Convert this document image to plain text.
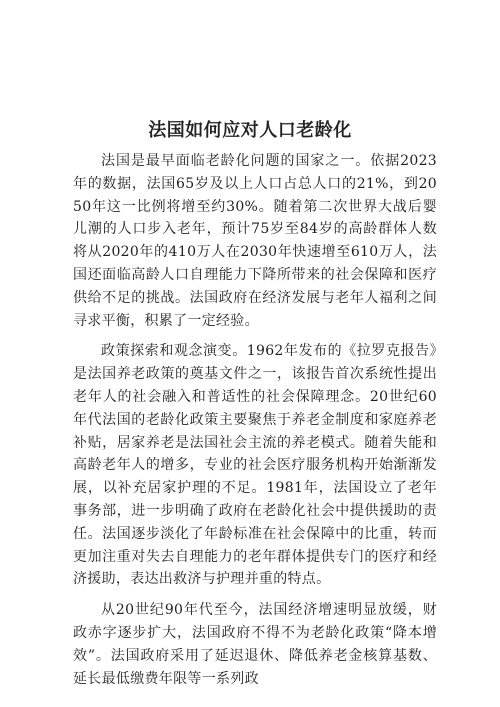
法国如何应对人口老龄化

法国是最早面临老龄化问题的国家之一。依据2023年的数据，法国65岁及以上人口占总人口的21%，到2050年这一比例将增至约30%。随着第二次世界大战后婴儿潮的人口步入老年，预计75岁至84岁的高龄群体人数将从2020年的410万人在2030年快速增至610万人，法国还面临高龄人口自理能力下降所带来的社会保障和医疗供给不足的挑战。法国政府在经济发展与老年人福利之间寻求平衡，积累了一定经验。

政策探索和观念演变。1962年发布的《拉罗克报告》是法国养老政策的奠基文件之一，该报告首次系统性提出老年人的社会融入和普适性的社会保障理念。20世纪60年代法国的老龄化政策主要聚焦于养老金制度和家庭养老补贴，居家养老是法国社会主流的养老模式。随着失能和高龄老年人的增多，专业的社会医疗服务机构开始渐渐发展，以补充居家护理的不足。1981年，法国设立了老年事务部，进一步明确了政府在老龄化社会中提供援助的责任。法国逐步淡化了年龄标准在社会保障中的比重，转而更加注重对失去自理能力的老年群体提供专门的医疗和经济援助，表达出救济与护理并重的特点。

从20世纪90年代至今，法国经济增速明显放缓，财政赤字逐步扩大，法国政府不得不为老龄化政策“降本增效”。法国政府采用了延迟退休、降低养老金核算基数、延长最低缴费年限等一系列政
